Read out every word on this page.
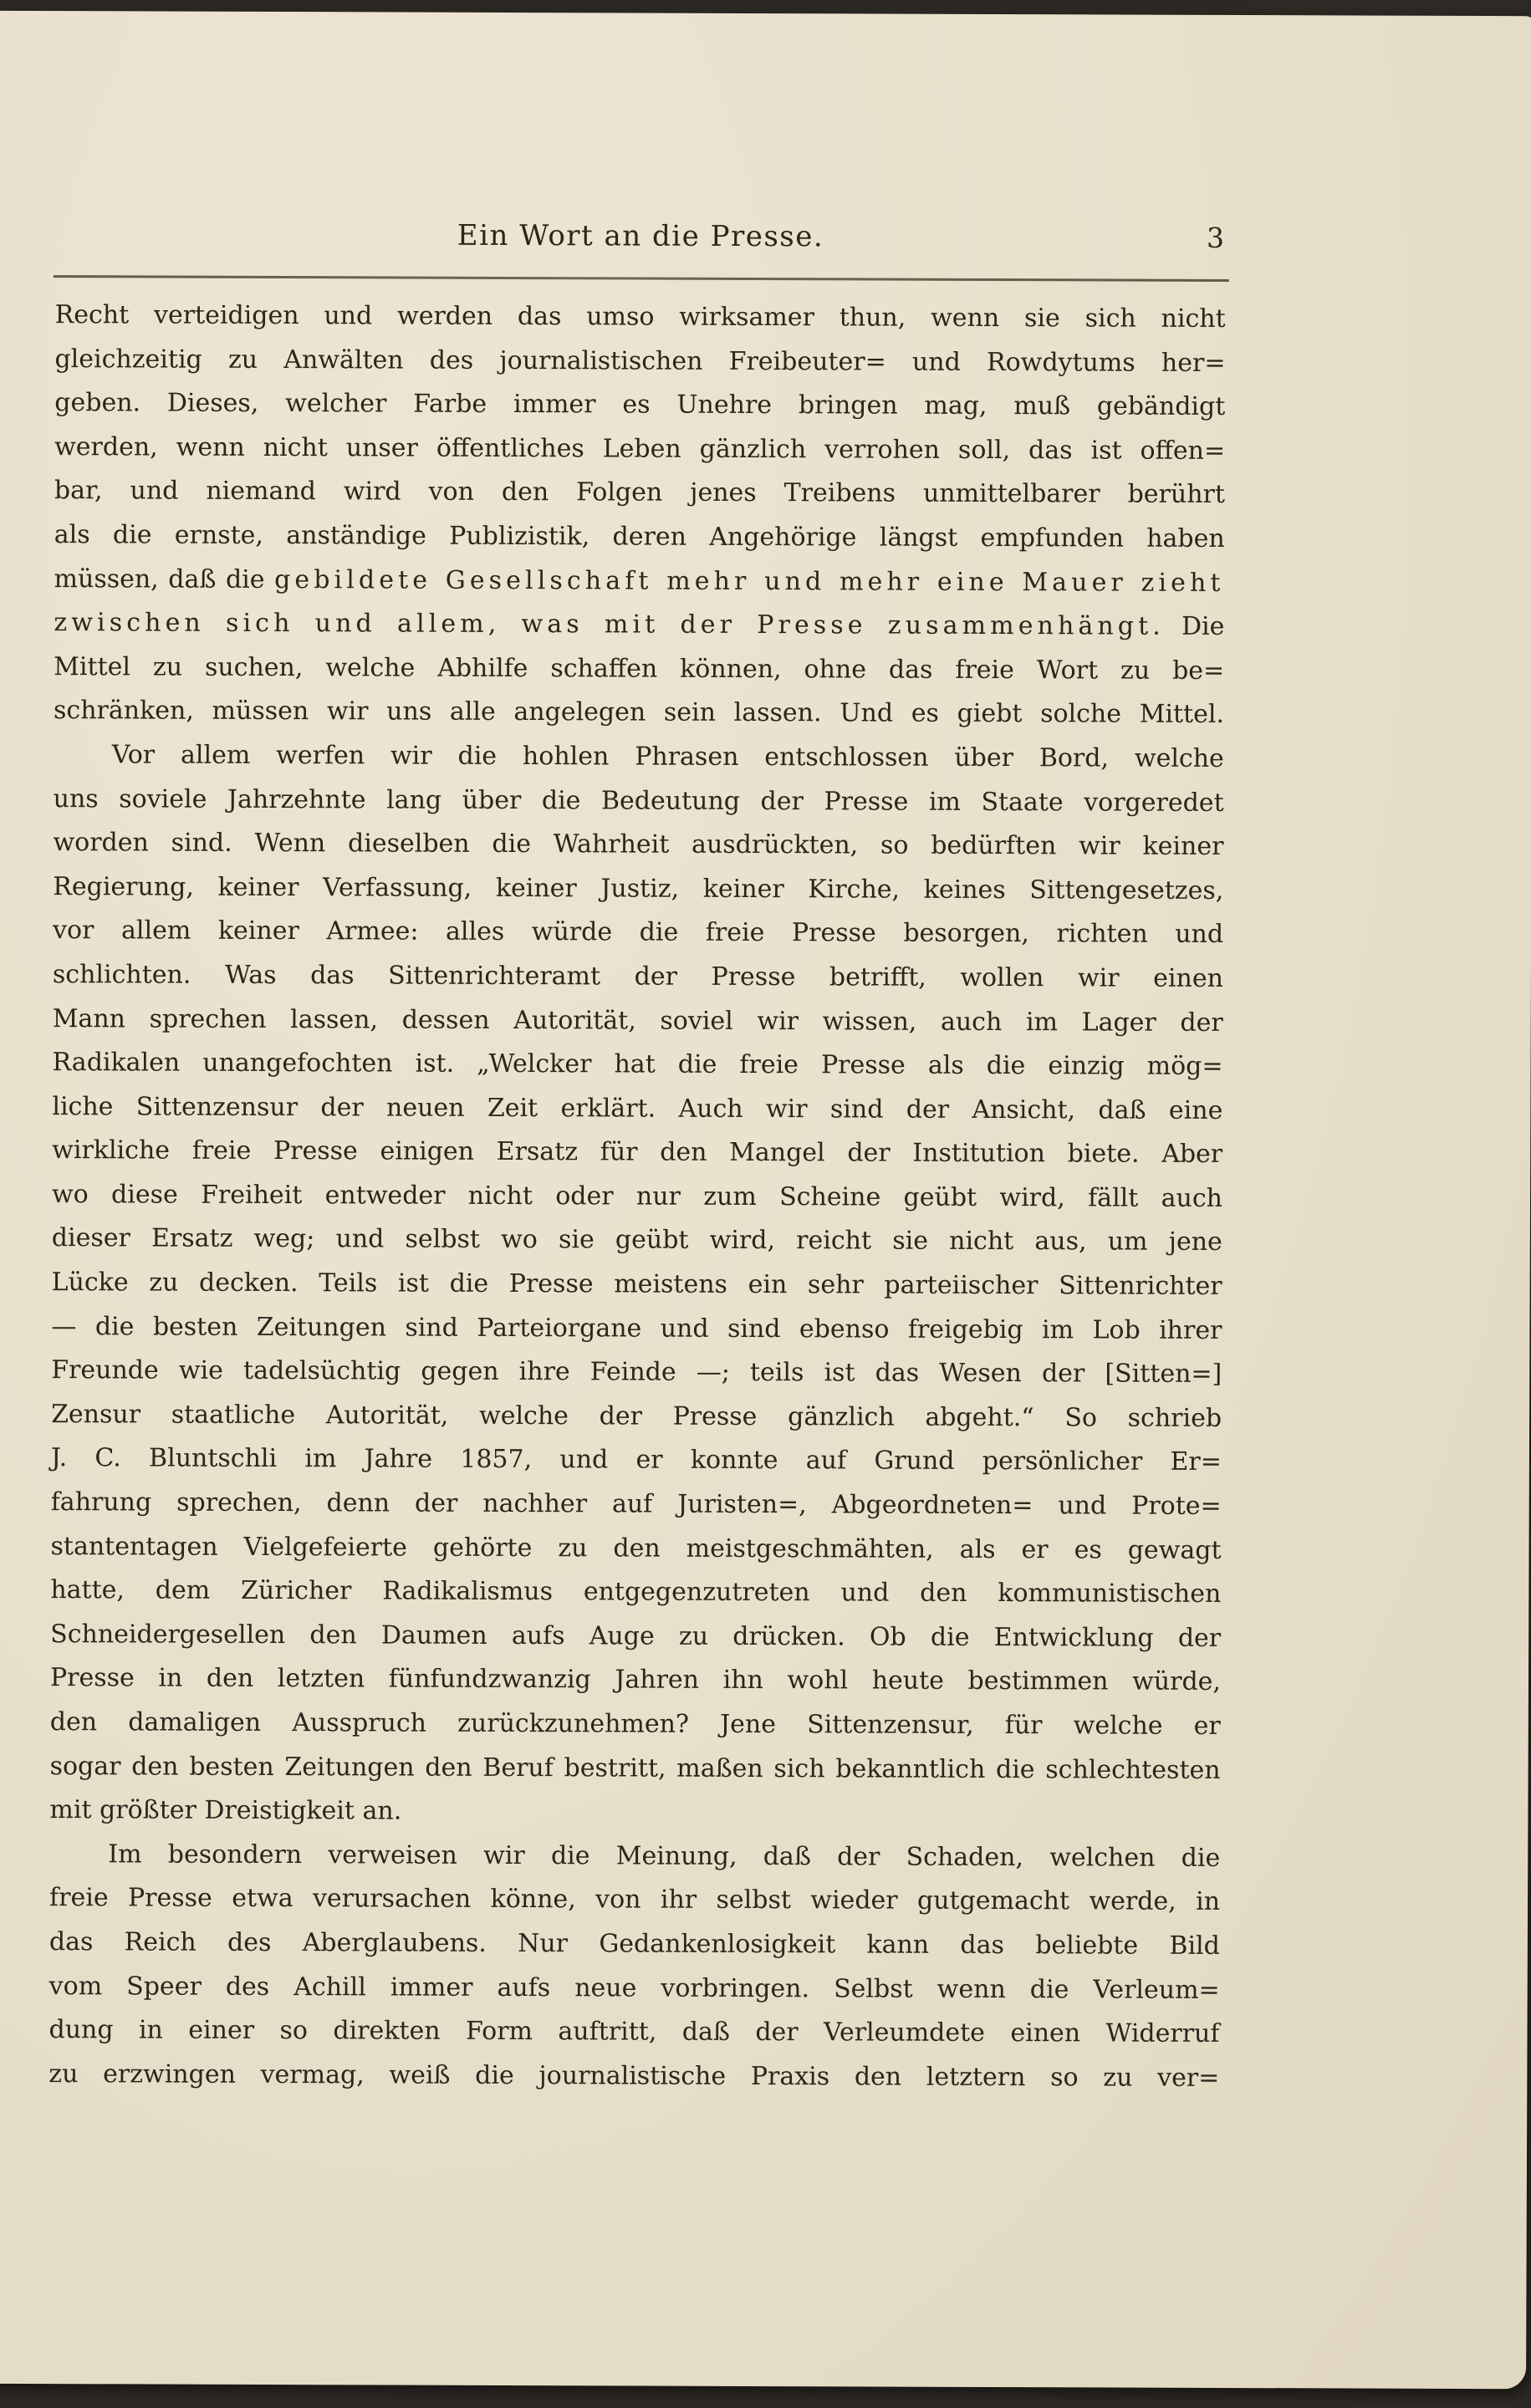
Ein Wort an die Presse.	3
Recht verteidigen und werden das umso wirksamer thun, wenn sie sich nicht
gleichzeitig zu Anwälten des journalistischen Freibeuter= und Rowdytums her=
geben. Dieses, welcher Farbe immer es Unehre bringen mag, muß gebändigt
werden, wenn nicht unser öffentliches Leben gänzlich verrohen soll, das ist offen=
bar, und niemand wird von den Folgen jenes Treibens unmittelbarer berührt
als die ernste, anständige Publizistik, deren Angehörige längst empfunden haben
müssen, daß die gebildete Gesellschaft mehr und mehr eine Mauer zieht
zwischen sich und allem, was mit der Presse zusammenhängt. Die
Mittel zu suchen, welche Abhilfe schaffen können, ohne das freie Wort zu be=
schränken, müssen wir uns alle angelegen sein lassen. Und es giebt solche Mittel.
Vor allem werfen wir die hohlen Phrasen entschlossen über Bord, welche
uns soviele Jahrzehnte lang über die Bedeutung der Presse im Staate vorgeredet
worden sind. Wenn dieselben die Wahrheit ausdrückten, so bedürften wir keiner
Regierung, keiner Verfassung, keiner Justiz, keiner Kirche, keines Sittengesetzes,
vor allem keiner Armee: alles würde die freie Presse besorgen, richten und
schlichten. Was das Sittenrichteramt der Presse betrifft, wollen wir einen
Mann sprechen lassen, dessen Autorität, soviel wir wissen, auch im Lager der
Radikalen unangefochten ist. „Welcker hat die freie Presse als die einzig mög=
liche Sittenzensur der neuen Zeit erklärt. Auch wir sind der Ansicht, daß eine
wirkliche freie Presse einigen Ersatz für den Mangel der Institution biete. Aber
wo diese Freiheit entweder nicht oder nur zum Scheine geübt wird, fällt auch
dieser Ersatz weg; und selbst wo sie geübt wird, reicht sie nicht aus, um jene
Lücke zu decken. Teils ist die Presse meistens ein sehr parteiischer Sittenrichter
— die besten Zeitungen sind Parteiorgane und sind ebenso freigebig im Lob ihrer
Freunde wie tadelsüchtig gegen ihre Feinde —; teils ist das Wesen der [Sitten=]
Zensur staatliche Autorität, welche der Presse gänzlich abgeht.“ So schrieb
J. C. Bluntschli im Jahre 1857, und er konnte auf Grund persönlicher Er=
fahrung sprechen, denn der nachher auf Juristen=, Abgeordneten= und Prote=
stantentagen Vielgefeierte gehörte zu den meistgeschmähten, als er es gewagt
hatte, dem Züricher Radikalismus entgegenzutreten und den kommunistischen
Schneidergesellen den Daumen aufs Auge zu drücken. Ob die Entwicklung der
Presse in den letzten fünfundzwanzig Jahren ihn wohl heute bestimmen würde,
den damaligen Ausspruch zurückzunehmen? Jene Sittenzensur, für welche er
sogar den besten Zeitungen den Beruf bestritt, maßen sich bekanntlich die schlechtesten
mit größter Dreistigkeit an.
Im besondern verweisen wir die Meinung, daß der Schaden, welchen die
freie Presse etwa verursachen könne, von ihr selbst wieder gutgemacht werde, in
das Reich des Aberglaubens. Nur Gedankenlosigkeit kann das beliebte Bild
vom Speer des Achill immer aufs neue vorbringen. Selbst wenn die Verleum=
dung in einer so direkten Form auftritt, daß der Verleumdete einen Widerruf
zu erzwingen vermag, weiß die journalistische Praxis den letztern so zu ver=
